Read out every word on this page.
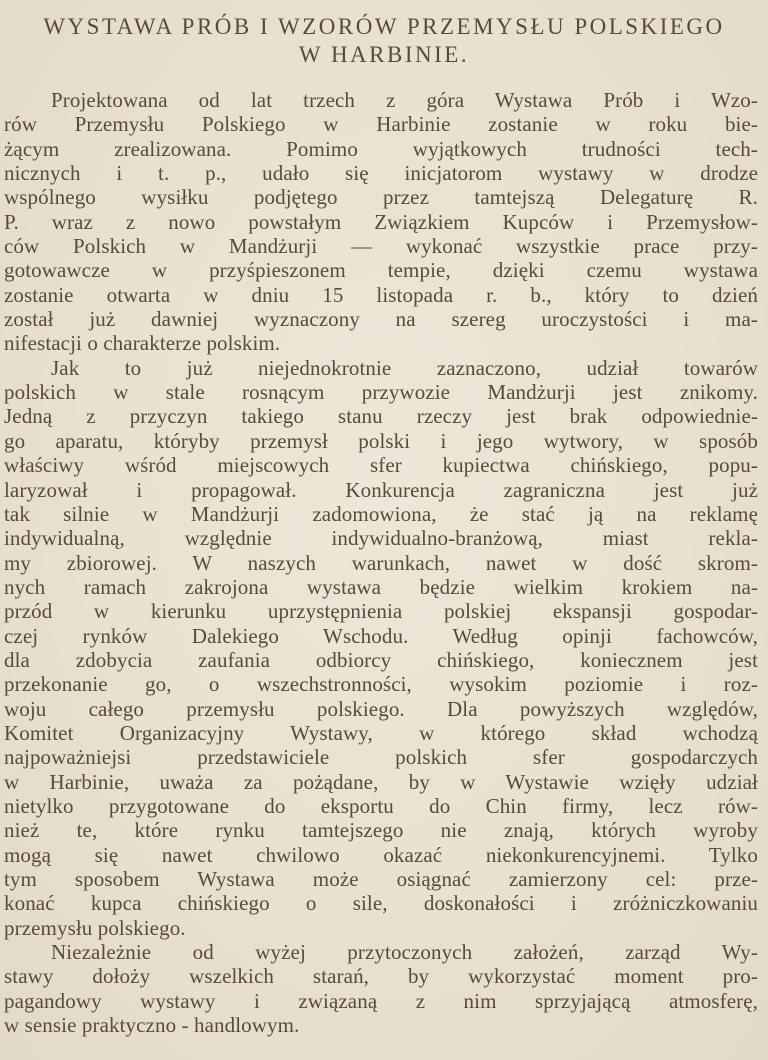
WYSTAWA PRÓB I WZORÓW PRZEMYSŁU POLSKIEGO
W HARBINIE.
Projektowana od lat trzech z góra Wystawa Prób i Wzo-
rów Przemysłu Polskiego w Harbinie zostanie w roku bie-
żącym zrealizowana. Pomimo wyjątkowych trudności tech-
nicznych i t. p., udało się inicjatorom wystawy w drodze
wspólnego wysiłku podjętego przez tamtejszą Delegaturę R.
P. wraz z nowo powstałym Związkiem Kupców i Przemysłow-
ców Polskich w Mandżurji — wykonać wszystkie prace przy-
gotowawcze w przyśpieszonem tempie, dzięki czemu wystawa
zostanie otwarta w dniu 15 listopada r. b., który to dzień
został już dawniej wyznaczony na szereg uroczystości i ma-
nifestacji o charakterze polskim.
Jak to już niejednokrotnie zaznaczono, udział towarów
polskich w stale rosnącym przywozie Mandżurji jest znikomy.
Jedną z przyczyn takiego stanu rzeczy jest brak odpowiednie-
go aparatu, któryby przemysł polski i jego wytwory, w sposób
właściwy wśród miejscowych sfer kupiectwa chińskiego, popu-
laryzował i propagował. Konkurencja zagraniczna jest już
tak silnie w Mandżurji zadomowiona, że stać ją na reklamę
indywidualną, względnie indywidualno-branżową, miast rekla-
my zbiorowej. W naszych warunkach, nawet w dość skrom-
nych ramach zakrojona wystawa będzie wielkim krokiem na-
przód w kierunku uprzystępnienia polskiej ekspansji gospodar-
czej rynków Dalekiego Wschodu. Według opinji fachowców,
dla zdobycia zaufania odbiorcy chińskiego, koniecznem jest
przekonanie go, o wszechstronności, wysokim poziomie i roz-
woju całego przemysłu polskiego. Dla powyższych względów,
Komitet Organizacyjny Wystawy, w którego skład wchodzą
najpoważniejsi przedstawiciele polskich sfer gospodarczych
w Harbinie, uważa za pożądane, by w Wystawie wzięły udział
nietylko przygotowane do eksportu do Chin firmy, lecz rów-
nież te, które rynku tamtejszego nie znają, których wyroby
mogą się nawet chwilowo okazać niekonkurencyjnemi. Tylko
tym sposobem Wystawa może osiągnać zamierzony cel: prze-
konać kupca chińskiego o sile, doskonałości i zróżniczkowaniu
przemysłu polskiego.
Niezależnie od wyżej przytoczonych założeń, zarząd Wy-
stawy dołoży wszelkich starań, by wykorzystać moment pro-
pagandowy wystawy i związaną z nim sprzyjającą atmosferę,
w sensie praktyczno - handlowym.
